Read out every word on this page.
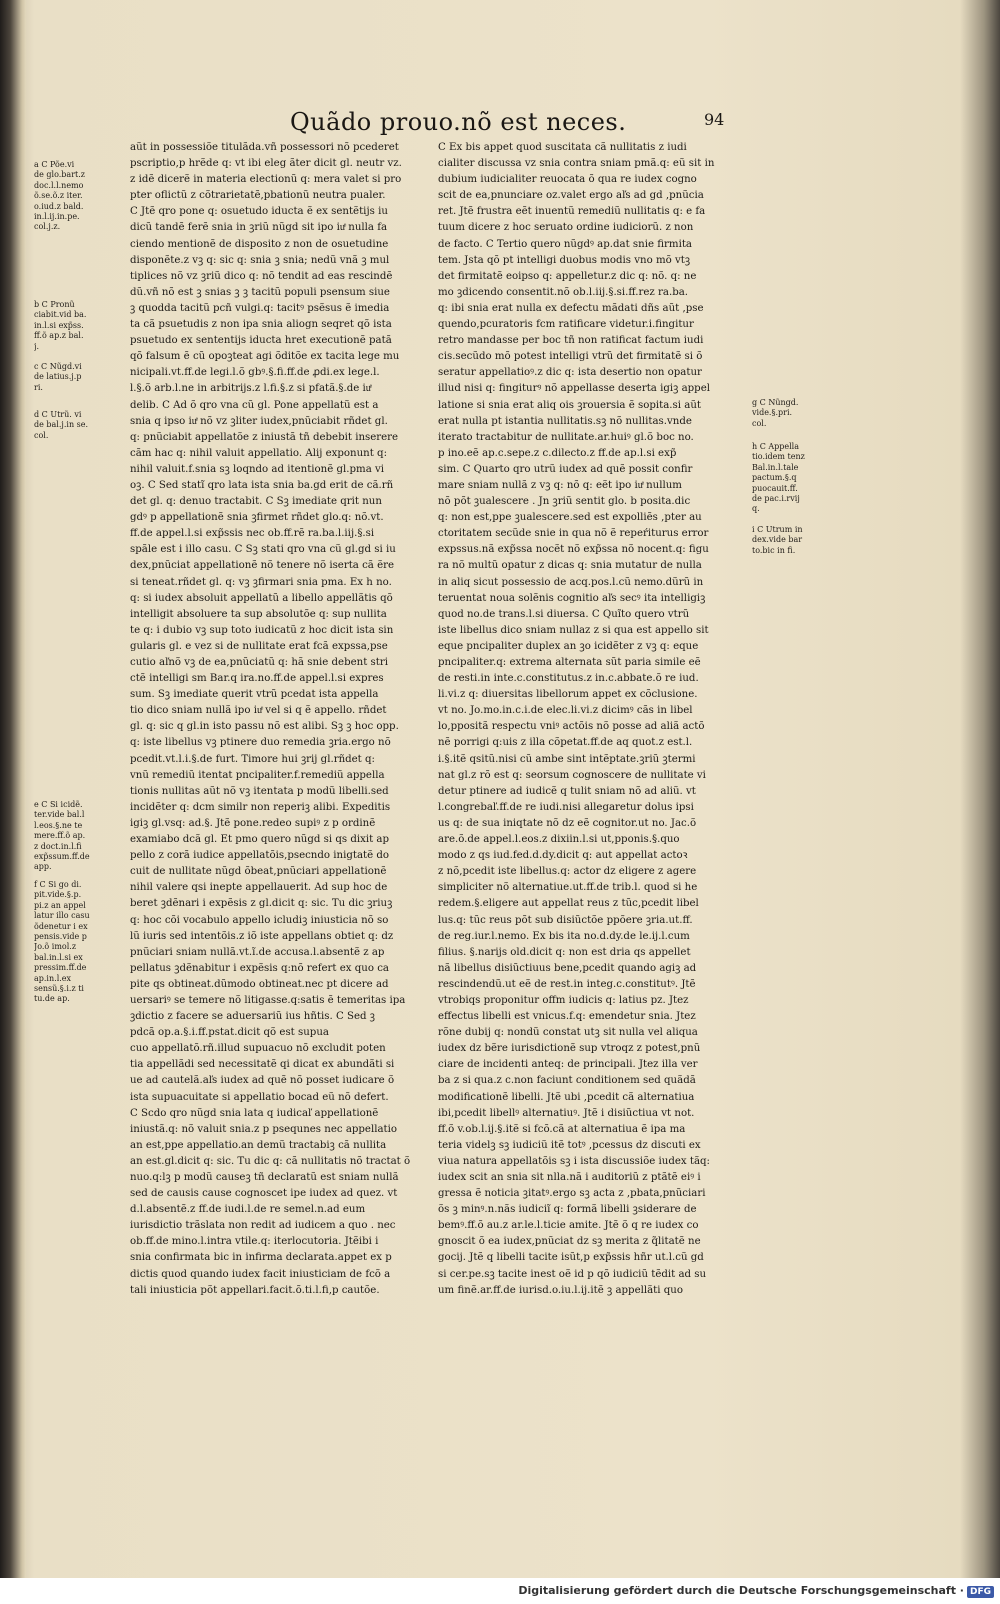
Quãdo prouo.nõ est neces.	94
aũt in possessiõe titulãda.vñ possessori nõ pcederet
pscriptio,p hrẽde q: vt ibi eleg ãter dicit gl. neutr vz.
z idẽ dicerẽ in materia electionũ q: mera valet si pro
pter oflictũ z cõtrarietatẽ,pbationũ neutra pualer.
C Jtẽ qro pone q: osuetudo iducta ẽ ex sentẽtijs iu
dicũ tandẽ ferẽ snia in ꝫriũ nũgd sit ipo iuͤ nulla fa
ciendo mentionẽ de disposito z non de osuetudine
disponẽte.z vꝫ q: sic q: snia ꝫ snia; nedũ vnã ꝫ mul
tiplices nõ vz ꝫriũ dico q: nõ tendit ad eas rescindẽ
dũ.vñ nõ est ꝫ snias ꝫ ꝫ tacitũ populi psensum siue
ꝫ quodda tacitũ pcñ vulgi.q: tacitꝰ psẽsus ẽ imedia
ta cã psuetudis z non ipa snia aliogn seqret qõ ista
psuetudo ex sententijs iducta hret executionẽ patã
qõ falsum ẽ cũ opoꝫteat agi õditõe ex tacita lege mu
nicipali.vt.ff.de legi.l.õ gbꝰ.§.fi.ff.de ꝓdi.ex lege.l.
l.§.õ arb.l.ne in arbitrijs.z l.fi.§.z si pfatã.§.de iuͤ
delib. C Ad õ qro vna cũ gl. Pone appellatũ est a
snia q ipso iuͤ nõ vz ꝫliter iudex,pnũciabit rñdet gl.
q: pnũciabit appellatõe z iniustã tñ debebit inserere
cãm hac q: nihil valuit appellatio. Alij exponunt q:
nihil valuit.f.snia sꝫ loqndo ad itentionẽ gl.pma vi
oꝫ. C Sed statĩ qro lata ista snia ba.gd erit de cã.rñ
det gl. q: denuo tractabit. C Sꝫ imediate qrit nun
gdꝰ p appellationẽ snia ꝫfirmet rñdet glo.q: nõ.vt.
ff.de appel.l.si exp̃ssis nec ob.ff.rẽ ra.ba.l.iij.§.si
spãle est i illo casu. C Sꝫ stati qro vna cũ gl.gd si iu
dex,pnũciat appellationẽ nõ tenere nõ iserta cã ẽre
si teneat.rñdet gl. q: vꝫ ꝫfirmari snia pma. Ex h no.
q: si iudex absoluit appellatũ a libello appellãtis qõ
intelligit absoluere ta sup absolutõe q: sup nullita
te q: i dubio vꝫ sup toto iudicatũ z hoc dicit ista sin
gularis gl. e vez si de nullitate erat fcã expssa,pse
cutio aľnõ vꝫ de ea,pnũciatũ q: hã snie debent stri
ctẽ intelligi sm Bar.q ira.no.ff.de appel.l.si expres
sum. Sꝫ imediate querit vtrũ pcedat ista appella
tio dico sniam nullã ipo iuͤ vel si q ẽ appello. rñdet
gl. q: sic q gl.in isto passu nõ est alibi. Sꝫ ꝫ hoc opp.
q: iste libellus vꝫ ptinere duo remedia ꝫria.ergo nõ
pcedit.vt.l.i.§.de furt. Timore hui ꝫrij gl.rñdet q:
vnũ remediũ itentat pncipaliter.f.remediũ appella
tionis nullitas aũt nõ vꝫ itentata p modũ libelli.sed
incidẽter q: dcm similr non reperiꝫ alibi. Expeditis
igiꝫ gl.vsq: ad.§. Jtẽ pone.redeo supiꝰ z p ordinẽ
examiabo dcã gl. Et pmo quero nũgd si qs dixit ap
pello z corã iudice appellatõis,psecndo inigtatẽ do
cuit de nullitate nũgd õbeat,pnũciari appellationẽ
nihil valere qsi inepte appellauerit. Ad sup hoc de
beret ꝫdẽnari i expẽsis z gl.dicit q: sic. Tu dic ꝫriuꝫ
q: hoc cõi vocabulo appello icludiꝫ iniusticia nõ so
lũ iuris sed intentõis.z iõ iste appellans obtiet q: dz
pnũciari sniam nullã.vt.ĩ.de accusa.l.absentẽ z ap
pellatus ꝫdẽnabitur i expẽsis q:nõ refert ex quo ca
pite qs obtineat.dũmodo obtineat.nec pt dicere ad
uersariꝰ se temere nõ litigasse.q:satis ẽ temeritas ipa
ꝫdictio z facere se aduersariũ ius hñtis. C Sed ꝫ
pdcã op.a.§.i.ff.pstat.dicit qõ est supua
cuo appellatõ.rñ.illud supuacuo nõ excludit poten
tia appellãdi sed necessitatẽ qi dicat ex abundãti si
ue ad cautelã.aľs iudex ad quẽ nõ posset iudicare õ
ista supuacuitate si appellatio bocad eũ nõ defert.
C Scdo qro nũgd snia lata q iudicaľ appellationẽ
iniustã.q: nõ valuit snia.z p psequnes nec appellatio
an est,ppe appellatio.an demũ tractabiꝫ cã nullita
an est.gl.dicit q: sic. Tu dic q: cã nullitatis nõ tractat õ
nuo.q:lꝫ p modũ causeꝫ tñ declaratũ est sniam nullã
sed de causis cause cognoscet ipe iudex ad quez. vt
d.l.absentẽ.z ff.de iudi.l.de re semel.n.ad eum
iurisdictio trãslata non redit ad iudicem a quo . nec
ob.ff.de mino.l.intra vtile.q: iterlocutoria. Jtẽibi i
snia confirmata bic in infirma declarata.appet ex p
dictis quod quando iudex facit iniusticiam de fcõ a
tali iniusticia põt appellari.facit.õ.ti.l.fi,p cautõe.
C Ex bis appet quod suscitata cã nullitatis z iudi
cialiter discussa vz snia contra sniam pmã.q: eũ sit in
dubium iudicialiter reuocata õ qua re iudex cogno
scit de ea,pnunciare oz.valet ergo aľs ad gd ,pnũcia
ret. Jtẽ frustra eẽt inuentũ remediũ nullitatis q: e fa
tuum dicere z hoc seruato ordine iudiciorũ. z non
de facto. C Tertio quero nũgdꝰ ap.dat snie firmita
tem. Jsta qõ pt intelligi duobus modis vno mõ vtꝫ
det firmitatẽ eoipso q: appelletur.z dic q: nõ. q: ne
mo ꝫdicendo consentit.nõ ob.l.iij.§.si.ff.rez ra.ba.
q: ibi snia erat nulla ex defectu mãdati dñs aũt ,pse
quendo,pcuratoris fcm ratificare videtur.i.fingitur
retro mandasse per boc tñ non ratificat factum iudi
cis.secũdo mõ potest intelligi vtrũ det firmitatẽ si õ
seratur appellatioꝰ.z dic q: ista desertio non opatur
illud nisi q: fingiturꝰ nõ appellasse deserta igiꝫ appel
latione si snia erat aliq ois ꝫrouersia ẽ sopita.si aũt
erat nulla pt istantia nullitatis.sꝫ nõ nullitas.vnde
iterato tractabitur de nullitate.ar.huiꝰ gl.õ boc no.
p ino.eẽ ap.c.sepe.z c.dilecto.z ff.de ap.l.si exp̃
sim. C Quarto qro utrũ iudex ad quẽ possit confir
mare sniam nullã z vꝫ q: nõ q: eẽt ipo iuͤ nullum
nõ põt ꝫualescere . Jn ꝫriũ sentit glo. b posita.dic
q: non est,ppe ꝫualescere.sed est expolliẽs ,pter au
ctoritatem secũde snie in qua nõ ẽ repeŕiturus error
expssus.nã exp̃ssa nocẽt nõ exp̃ssa nõ nocent.q: figu
ra nõ multũ opatur z dicas q: snia mutatur de nulla
in aliq sicut possessio de acq.pos.l.cũ nemo.dũrũ in
teruentat noua solẽnis cognitio aľs secꝰ ita intelligiꝫ
quod no.de trans.l.si diuersa. C Quĩto quero vtrũ
iste libellus dico sniam nullaz z si qua est appello sit
eque pncipaliter duplex an ꝫo icidẽter z vꝫ q: eque
pncipaliter.q: extrema alternata sũt paria simile eẽ
de resti.in inte.c.constitutus.z in.c.abbate.õ re iud.
li.vi.z q: diuersitas libellorum appet ex cõclusione.
vt no. Jo.mo.in.c.i.de elec.li.vi.z dicimꝰ cãs in libel
lo,ppositã respectu vniꝰ actõis nõ posse ad aliã actõ
nẽ porrigi q:uis z illa cõpetat.ff.de aq quot.z est.l.
i.§.itẽ qsitũ.nisi cũ ambe sint intẽptate.ꝫriũ ꝫtermi
nat gl.z rõ est q: seorsum cognoscere de nullitate vi
detur ptinere ad iudicẽ q tulit sniam nõ ad aliũ. vt
l.congrebaľ.ff.de re iudi.nisi allegaretur dolus ipsi
us q: de sua iniqtate nõ dz eẽ cognitor.ut no. Jac.õ
are.õ.de appel.l.eos.z dixiin.l.si ut,pponis.§.quo
modo z qs iud.fed.d.dy.dicit q: aut appellat actoꝛ
z nõ,pcedit iste libellus.q: actor dz eligere z agere
simpliciter nõ alternatiue.ut.ff.de trib.l. quod si he
redem.§.eligere aut appellat reus z tũc,pcedit libel
lus.q: tũc reus põt sub disiũctõe ppõere ꝫria.ut.ff.
de reg.iur.l.nemo. Ex bis ita no.d.dy.de le.ij.l.cum
filius. §.narijs old.dicit q: non est dria qs appellet
nã libellus disiũctiuus bene,pcedit quando agiꝫ ad
rescindendũ.ut eẽ de rest.in integ.c.constitutꝰ. Jtẽ
vtrobiqs proponitur offm iudicis q: latius pz. Jtez
effectus libelli est vnicus.f.q: emendetur snia. Jtez
rõne dubij q: nondũ constat utꝫ sit nulla vel aliqua
iudex dz bẽre iurisdictionẽ sup vtroqz z potest,pnũ
ciare de incidenti anteq: de principali. Jtez illa ver
ba z si qua.z c.non faciunt conditionem sed quãdã
modificationẽ libelli. Jtẽ ubi ,pcedit cã alternatiua
ibi,pcedit libellꝰ alternatiuꝰ. Jtẽ i disiũctiua vt not.
ff.õ v.ob.l.ij.§.itẽ si fcõ.cã at alternatiua ẽ ipa ma
teria videlꝫ sꝫ iudiciũ itẽ totꝰ ,pcessus dz discuti ex
viua natura appellatõis sꝫ i ista discussiõe iudex tãq:
iudex scit an snia sit nlla.nã i auditoriũ z ptãtẽ eiꝰ i
gressa ẽ noticia ꝫitatꝰ.ergo sꝫ acta z ,pbata,pnũciari
õs ꝫ minꝰ.n.nãs iudiciĩ q: formã libelli ꝫsiderare de
bemꝰ.ff.õ au.z ar.le.l.ticie amite. Jtẽ õ q re iudex co
gnoscit õ ea iudex,pnũciat dz sꝫ merita z q̃litatẽ ne
gocij. Jtẽ q libelli tacite isũt,p exp̃ssis hñr ut.l.cũ gd
si cer.pe.sꝫ tacite inest oẽ id p qõ iudiciũ tẽdit ad su
um finẽ.ar.ff.de iurisd.o.iu.l.ij.itẽ ꝫ appellãti quo
a C Põe.vi
de glo.bart.z
doc.l.l.nemo
õ.se.õ.z iter.
o.iud.z bald.
in.l.ij.in.pe.
col.j.z.
b C Pronũ
ciabit.vid ba.
in.l.si exp̃ss.
ff.õ ap.z bal.
j.
c C Nũgd.vi
de latius.j.p
ri.
d C Utrũ. vi
de bal.j.in se.
col.
e C Si icidẽ.
ter.vide bal.l
l.eos.§.ne te
mere.ff.õ ap.
z doct.in.l.fi
exp̃ssum.ff.de
app.
f C Si go di.
pit.vide.§.p.
pi.z an appel
latur illo casu
õdenetur i ex
pensis.vide p
Jo.õ imol.z
bal.in.l.si ex
pressim.ff.de
ap.in.l.ex
sensũ.§.i.z ti
tu.de ap.
g C Nũngd.
vide.§.pri.
col.
h C Appella
tio.idem tenz
Bal.in.l.tale
pactum.§.q
puocauit.ff.
de pac.i.rvij
q.
i C Utrum in
dex.vide bar
to.bic in fi.
Digitalisierung gefördert durch die Deutsche Forschungsgemeinschaft · DFG
